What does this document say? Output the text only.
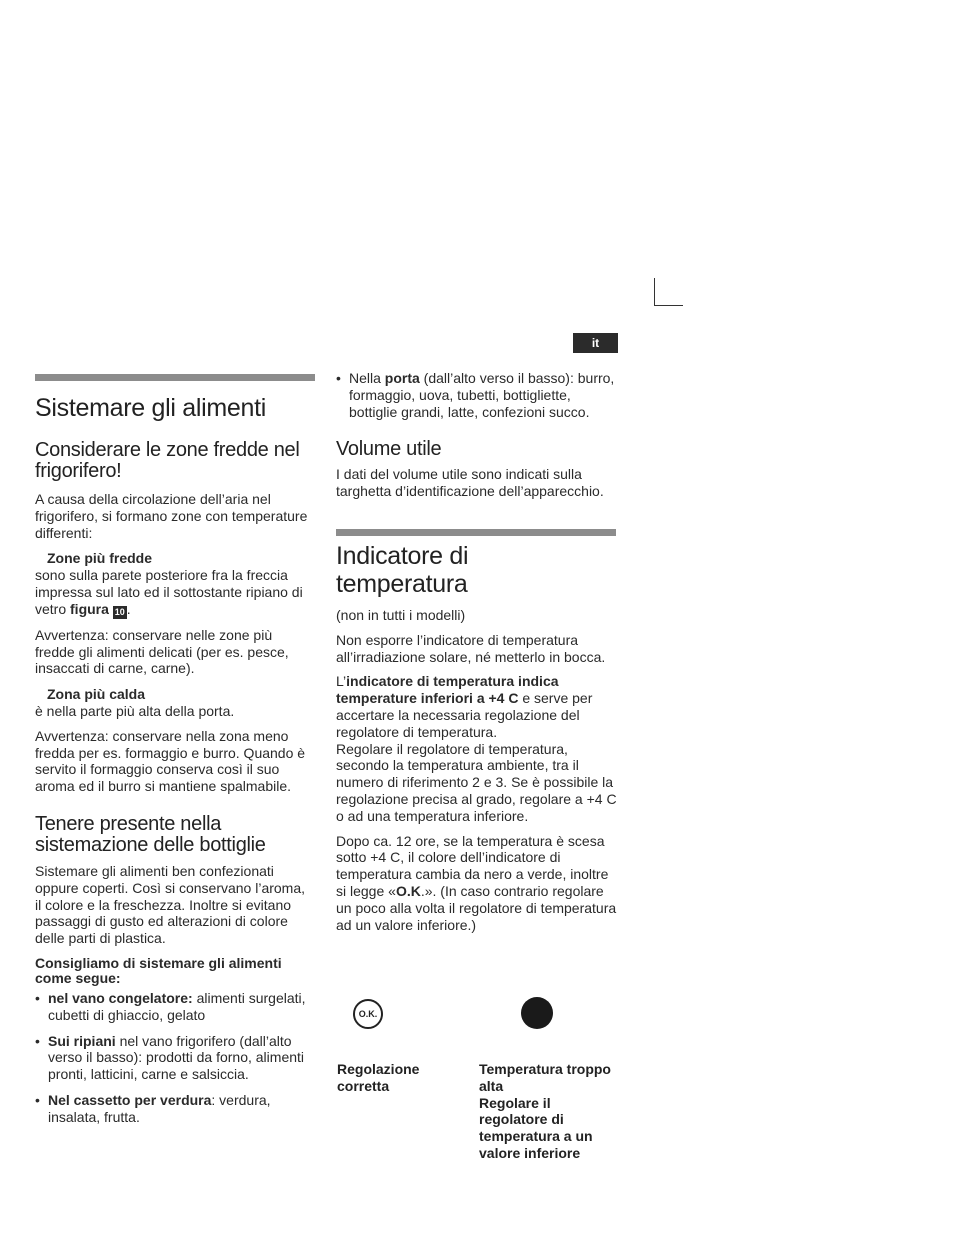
it
Sistemare gli alimenti
Considerare le zone fredde nel frigorifero!

A causa della circolazione dell’aria nel frigorifero, si formano zone con temperature differenti:

Zone più fredde

sono sulla parete posteriore fra la freccia impressa sul lato ed il sottostante ripiano di vetro figura 10 .

Avvertenza: conservare nelle zone più fredde gli alimenti delicati (per es. pesce, insaccati di carne, carne).

Zona più calda

è nella parte più alta della porta.

Avvertenza: conservare nella zona meno fredda per es. formaggio e burro. Quando è servito il formaggio conserva così il suo aroma ed il burro si mantiene spalmabile.

Tenere presente nella sistemazione delle bottiglie

Sistemare gli alimenti ben confezionati oppure coperti. Così si conservano l’aroma, il colore e la freschezza. Inoltre si evitano passaggi di gusto ed alterazioni di colore delle parti di plastica.

Consigliamo di sistemare gli alimenti come segue:

• nel vano congelatore: alimenti surgelati, cubetti di ghiaccio, gelato
• Sui ripiani nel vano frigorifero (dall’alto verso il basso): prodotti da forno, alimenti pronti, latticini, carne e salsiccia.
• Nel cassetto per verdura: verdura, insalata, frutta.
• Nella porta (dall’alto verso il basso): burro, formaggio, uova, tubetti, bottigliette, bottiglie grandi, latte, confezioni succo.
Volume utile

I dati del volume utile sono indicati sulla targhetta d’identificazione dell’apparecchio.

Indicatore di
temperatura

(non in tutti i modelli)

Non esporre l’indicatore di temperatura all’irradiazione solare, né metterlo in bocca.

L’indicatore di temperatura indica temperature inferiori a +4 C e serve per accertare la necessaria regolazione del regolatore di temperatura.

Regolare il regolatore di temperatura, secondo la temperatura ambiente, tra il numero di riferimento 2 e 3. Se è possibile la regolazione precisa al grado, regolare a +4 C o ad una temperatura inferiore.

Dopo ca. 12 ore, se la temperatura è scesa sotto +4 C, il colore dell’indicatore di temperatura cambia da nero a verde, inoltre si legge «O.K.». (In caso contrario regolare un poco alla volta il regolatore di temperatura ad un valore inferiore.)

O.K.
Regolazione corretta
Temperatura troppo alta
Regolare il regolatore di temperatura a un valore inferiore
